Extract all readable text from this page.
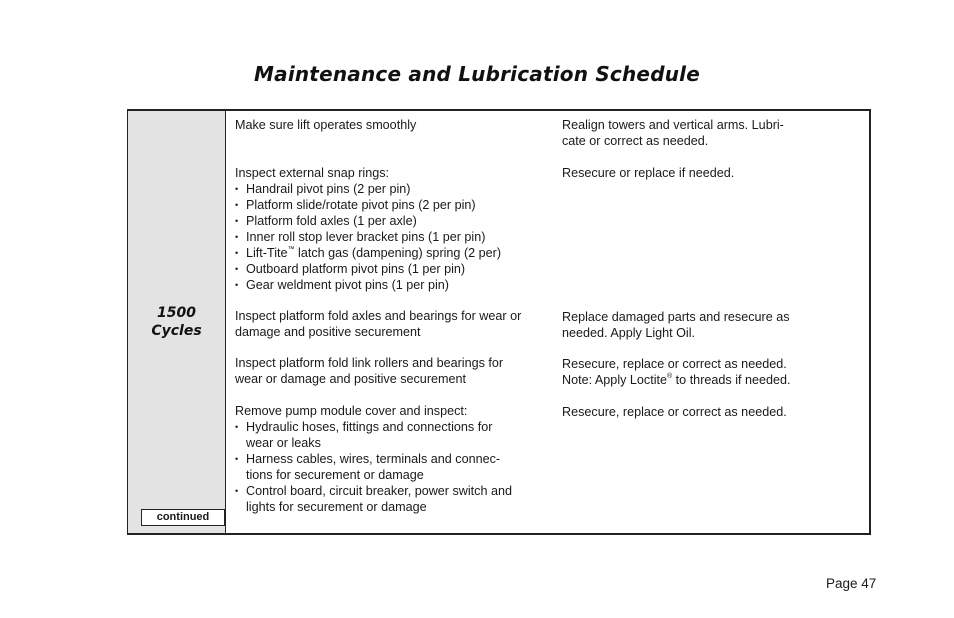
Maintenance and Lubrication Schedule
1500
Cycles
continued
Make sure lift operates smoothly	Realign towers and vertical arms. Lubri-
cate or correct as needed.
Inspect external snap rings:
• Handrail pivot pins (2 per pin)
• Platform slide/rotate pivot pins (2 per pin)
• Platform fold axles (1 per axle)
• Inner roll stop lever bracket pins (1 per pin)
• Lift-Tite™ latch gas (dampening) spring (2 per)
• Outboard platform pivot pins (1 per pin)
• Gear weldment pivot pins (1 per pin)
Resecure or replace if needed.
Inspect platform fold axles and bearings for wear or
damage and positive securement
Replace damaged parts and resecure as
needed. Apply Light Oil.
Inspect platform fold link rollers and bearings for
wear or damage and positive securement
Resecure, replace or correct as needed.
Note: Apply Loctite® to threads if needed.
Remove pump module cover and inspect:
• Hydraulic hoses, fittings and connections for
wear or leaks
• Harness cables, wires, terminals and connec-
tions for securement or damage
• Control board, circuit breaker, power switch and
lights for securement or damage
Resecure, replace or correct as needed.
Page 47
